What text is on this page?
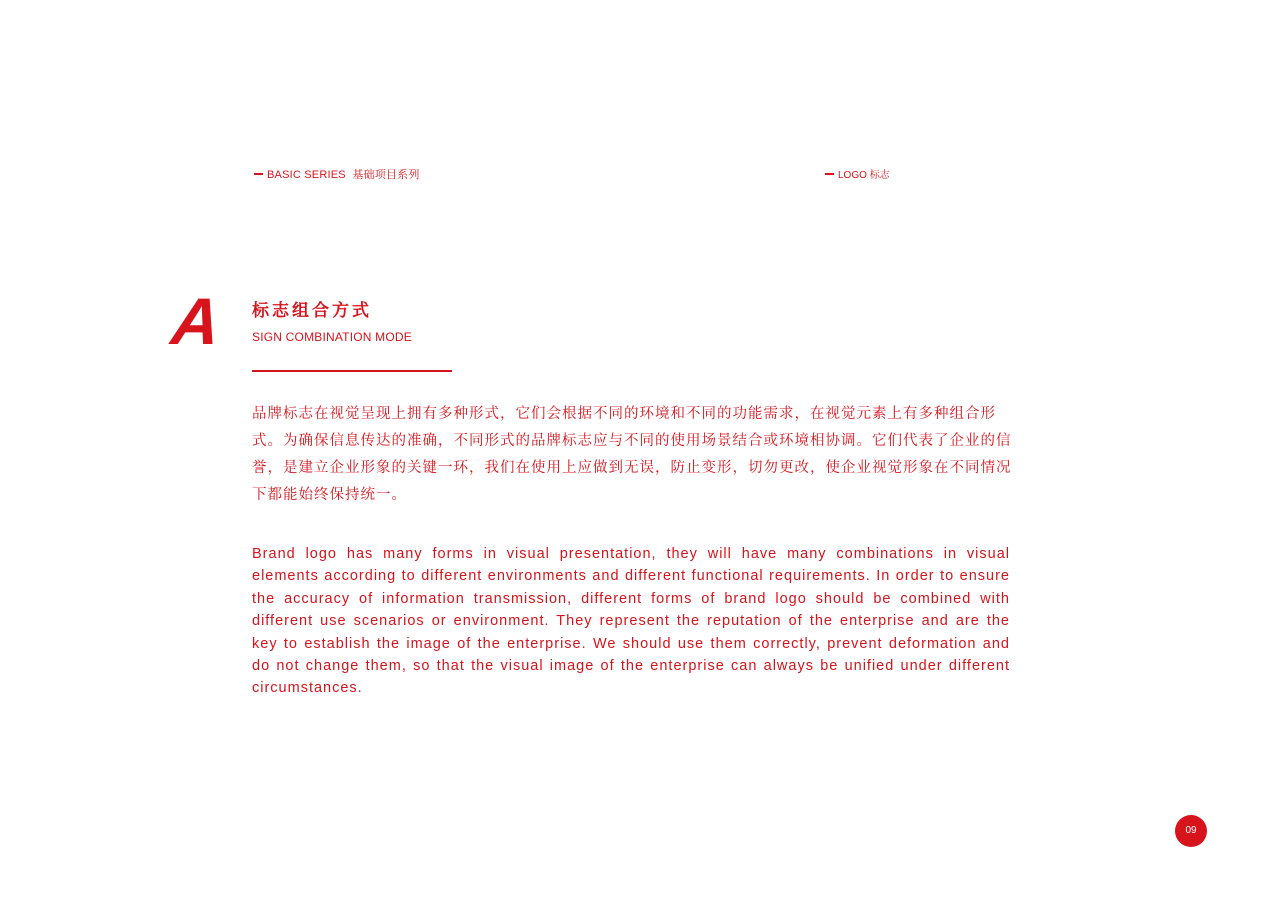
BASIC SERIES 基础项目系列	LOGO 标志
A 标志组合方式
SIGN COMBINATION MODE

品牌标志在视觉呈现上拥有多种形式，它们会根据不同的环境和不同的功能需求，在视觉元素上有多种组合形式。为确保信息传达的准确，不同形式的品牌标志应与不同的使用场景结合或环境相协调。它们代表了企业的信誉，是建立企业形象的关键一环，我们在使用上应做到无误，防止变形，切勿更改，使企业视觉形象在不同情况下都能始终保持统一。

Brand logo has many forms in visual presentation, they will have many combinations in visual elements according to different environments and different functional requirements. In order to ensure the accuracy of information transmission, different forms of brand logo should be combined with different use scenarios or environment. They represent the reputation of the enterprise and are the key to establish the image of the enterprise. We should use them correctly, prevent deformation and do not change them, so that the visual image of the enterprise can always be unified under different circumstances.

09
